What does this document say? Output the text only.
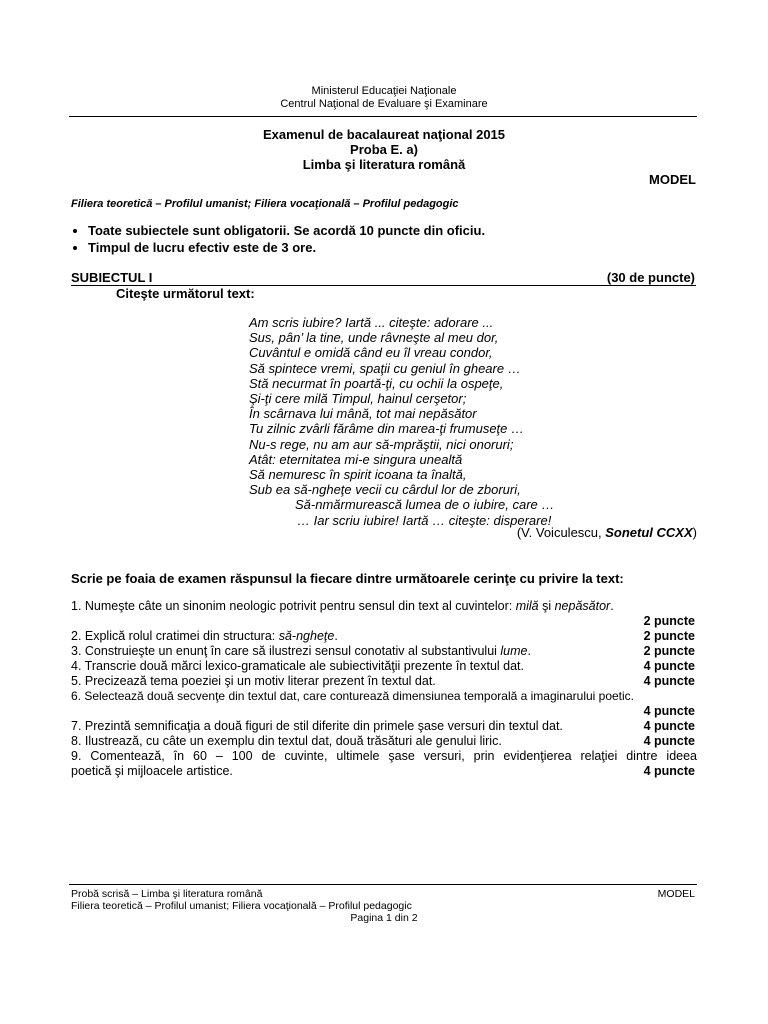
Ministerul Educaţiei Naţionale
Centrul Naţional de Evaluare şi Examinare
Examenul de bacalaureat naţional 2015
Proba E. a)
Limba şi literatura română
MODEL
Filiera teoretică – Profilul umanist; Filiera vocaţională – Profilul pedagogic
• Toate subiectele sunt obligatorii. Se acordă 10 puncte din oficiu.
• Timpul de lucru efectiv este de 3 ore.
SUBIECTUL I	(30 de puncte)
Citeşte următorul text:
Am scris iubire? Iartă ... citeşte: adorare ...
Sus, pân’ la tine, unde râvneşte al meu dor,
Cuvântul e omidă când eu îl vreau condor,
Să spintece vremi, spaţii cu geniul în gheare …
Stă necurmat în poartă-ţi, cu ochii la ospeţe,
Şi-ţi cere milă Timpul, hainul cerşetor;
În scârnava lui mână, tot mai nepăsător
Tu zilnic zvârli fărâme din marea-ţi frumuseţe …
Nu-s rege, nu am aur să-mprăştii, nici onoruri;
Atât: eternitatea mi-e singura unealtă
Să nemuresc în spirit icoana ta înaltă,
Sub ea să-ngheţe vecii cu cârdul lor de zboruri,
Să-nmărmurească lumea de o iubire, care …
… Iar scriu iubire! Iartă … citeşte: disperare!
(V. Voiculescu, Sonetul CCXX)
Scrie pe foaia de examen răspunsul la fiecare dintre următoarele cerinţe cu privire la text:
1. Numeşte câte un sinonim neologic potrivit pentru sensul din text al cuvintelor: milă şi nepăsător.
2 puncte
2. Explică rolul cratimei din structura: să-ngheţe.	2 puncte
3. Construieşte un enunţ în care să ilustrezi sensul conotativ al substantivului lume.	2 puncte
4. Transcrie două mărci lexico-gramaticale ale subiectivităţii prezente în textul dat.	4 puncte
5. Precizează tema poeziei şi un motiv literar prezent în textul dat.	4 puncte
6. Selectează două secvenţe din textul dat, care conturează dimensiunea temporală a imaginarului poetic.
4 puncte
7. Prezintă semnificaţia a două figuri de stil diferite din primele şase versuri din textul dat.	4 puncte
8. Ilustrează, cu câte un exemplu din textul dat, două trăsături ale genului liric.	4 puncte
9. Comentează, în 60 – 100 de cuvinte, ultimele şase versuri, prin evidenţierea relaţiei dintre ideea
poetică şi mijloacele artistice.	4 puncte
Probă scrisă – Limba şi literatura română	MODEL
Filiera teoretică – Profilul umanist; Filiera vocaţională – Profilul pedagogic
Pagina 1 din 2
